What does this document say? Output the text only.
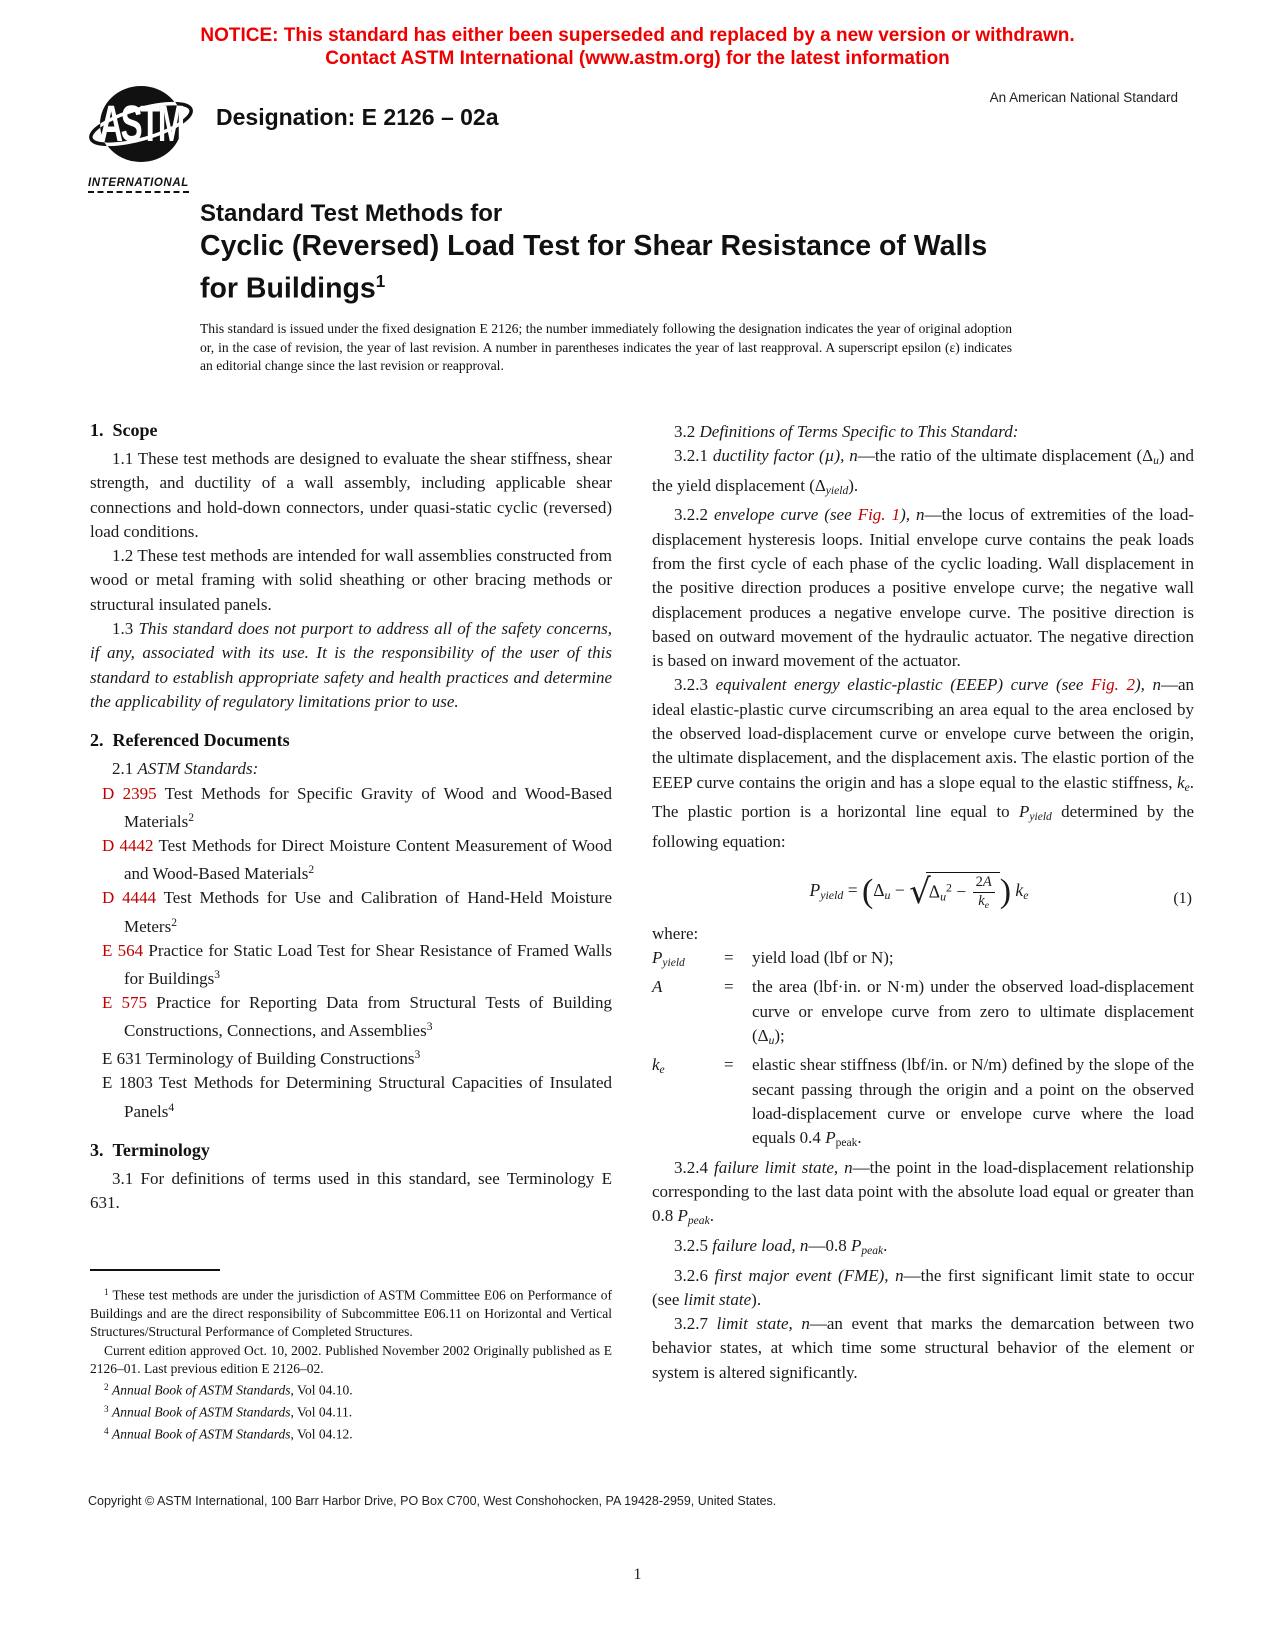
NOTICE: This standard has either been superseded and replaced by a new version or withdrawn.
Contact ASTM International (www.astm.org) for the latest information
ASTM
INTERNATIONAL
Designation: E 2126 – 02a
An American National Standard
Standard Test Methods for
Cyclic (Reversed) Load Test for Shear Resistance of Walls
for Buildings$^1$
This standard is issued under the fixed designation E 2126; the number immediately following the designation indicates the year of original adoption or, in the case of revision, the year of last revision. A number in parentheses indicates the year of last reapproval. A superscript epsilon (ε) indicates an editorial change since the last revision or reapproval.
1.  Scope

1.1 These test methods are designed to evaluate the shear stiffness, shear strength, and ductility of a wall assembly, including applicable shear connections and hold-down connectors, under quasi-static cyclic (reversed) load conditions.

1.2 These test methods are intended for wall assemblies constructed from wood or metal framing with solid sheathing or other bracing methods or structural insulated panels.

1.3 This standard does not purport to address all of the safety concerns, if any, associated with its use. It is the responsibility of the user of this standard to establish appropriate safety and health practices and determine the applicability of regulatory limitations prior to use.

2.  Referenced Documents

2.1 ASTM Standards:

D 2395 Test Methods for Specific Gravity of Wood and Wood-Based Materials$^2$

D 4442 Test Methods for Direct Moisture Content Measurement of Wood and Wood-Based Materials$^2$

D 4444 Test Methods for Use and Calibration of Hand-Held Moisture Meters$^2$

E 564 Practice for Static Load Test for Shear Resistance of Framed Walls for Buildings$^3$

E 575 Practice for Reporting Data from Structural Tests of Building Constructions, Connections, and Assemblies$^3$

E 631 Terminology of Building Constructions$^3$

E 1803 Test Methods for Determining Structural Capacities of Insulated Panels$^4$

3.  Terminology

3.1 For definitions of terms used in this standard, see Terminology E 631.

$^1$ These test methods are under the jurisdiction of ASTM Committee E06 on Performance of Buildings and are the direct responsibility of Subcommittee E06.11 on Horizontal and Vertical Structures/Structural Performance of Completed Structures.

Current edition approved Oct. 10, 2002. Published November 2002 Originally published as E 2126–01. Last previous edition E 2126–02.

$^2$ Annual Book of ASTM Standards, Vol 04.10.

$^3$ Annual Book of ASTM Standards, Vol 04.11.

$^4$ Annual Book of ASTM Standards, Vol 04.12.

3.2 Definitions of Terms Specific to This Standard:

3.2.1 ductility factor (µ), n—the ratio of the ultimate displacement (Δu) and the yield displacement (Δyield).

3.2.2 envelope curve (see Fig. 1), n—the locus of extremities of the load-displacement hysteresis loops. Initial envelope curve contains the peak loads from the first cycle of each phase of the cyclic loading. Wall displacement in the positive direction produces a positive envelope curve; the negative wall displacement produces a negative envelope curve. The positive direction is based on outward movement of the hydraulic actuator. The negative direction is based on inward movement of the actuator.

3.2.3 equivalent energy elastic-plastic (EEEP) curve (see Fig. 2), n—an ideal elastic-plastic curve circumscribing an area equal to the area enclosed by the observed load-displacement curve or envelope curve between the origin, the ultimate displacement, and the displacement axis. The elastic portion of the EEEP curve contains the origin and has a slope equal to the elastic stiffness, ke. The plastic portion is a horizontal line equal to Pyield determined by the following equation:

Pyield = ($\Delta u - √\Delta u^2 - \frac{2A}{ke}$ ) ke	(1)

where:

Pyield	=	yield load (lbf or N);
A	=	the area (lbf·in. or N·m) under the observed load-displacement curve or envelope curve from zero to ultimate displacement (Δu);
ke	=	elastic shear stiffness (lbf/in. or N/m) defined by the slope of the secant passing through the origin and a point on the observed load-displacement curve or envelope curve where the load equals 0.4 $P_{peak}$.

3.2.4 failure limit state, n—the point in the load-displacement relationship corresponding to the last data point with the absolute load equal or greater than 0.8 Ppeak.

3.2.5 failure load, n—0.8 Ppeak.

3.2.6 first major event (FME), n—the first significant limit state to occur (see limit state).

3.2.7 limit state, n—an event that marks the demarcation between two behavior states, at which time some structural behavior of the element or system is altered significantly.

Copyright © ASTM International, 100 Barr Harbor Drive, PO Box C700, West Conshohocken, PA 19428-2959, United States.
1
